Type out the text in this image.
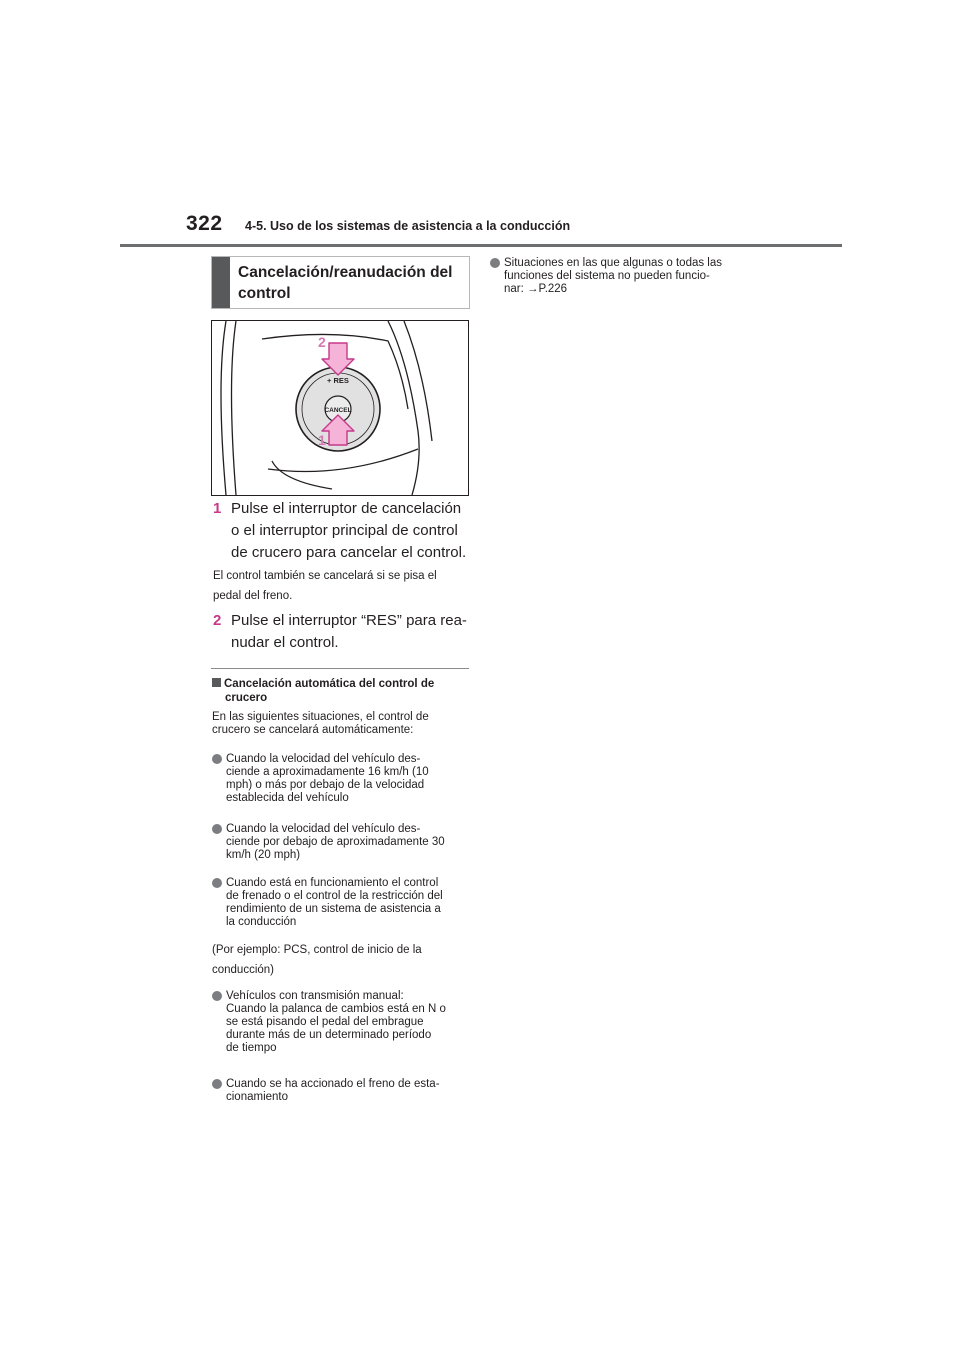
322 4-5. Uso de los sistemas de asistencia a la conducción
Cancelación/reanudación del
control
CANCEL
+ RES
2
1
1 Pulse el interruptor de cancelación
o el interruptor principal de control
de crucero para cancelar el control.
El control también se cancelará si se pisa el
pedal del freno.
2 Pulse el interruptor “RES” para rea-
nudar el control.
Cancelación automática del control de
crucero
En las siguientes situaciones, el control de
crucero se cancelará automáticamente:
Cuando la velocidad del vehículo des-
ciende a aproximadamente 16 km/h (10
mph) o más por debajo de la velocidad
establecida del vehículo
Cuando la velocidad del vehículo des-
ciende por debajo de aproximadamente 30
km/h (20 mph)
Cuando está en funcionamiento el control
de frenado o el control de la restricción del
rendimiento de un sistema de asistencia a
la conducción
(Por ejemplo: PCS, control de inicio de la
conducción)
Vehículos con transmisión manual:
Cuando la palanca de cambios está en N o
se está pisando el pedal del embrague
durante más de un determinado período
de tiempo
Cuando se ha accionado el freno de esta-
cionamiento
Situaciones en las que algunas o todas las
funciones del sistema no pueden funcio-
nar: →P.226
